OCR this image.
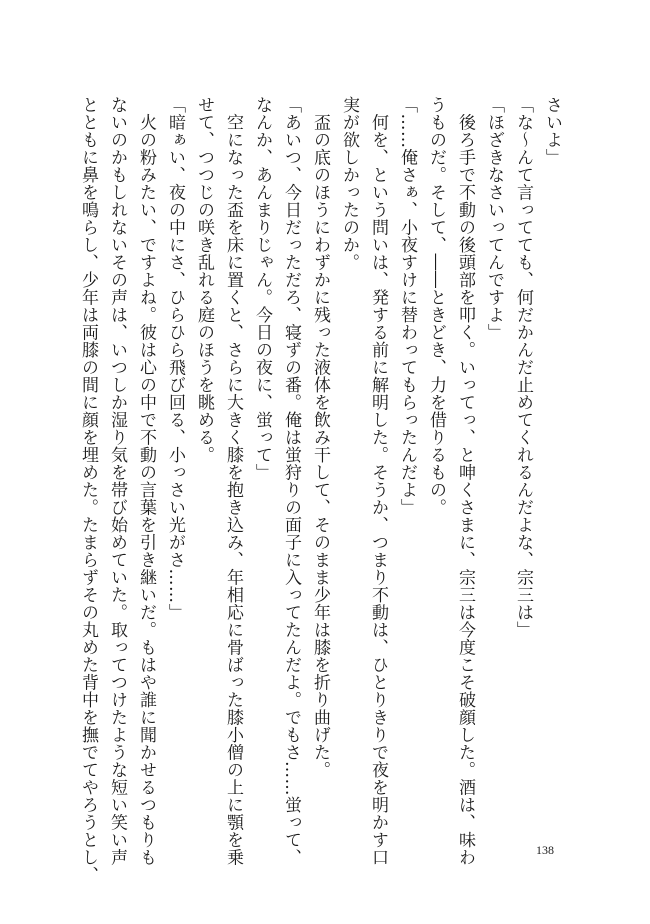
さいよ」
「な～んて言ってても、何だかんだ止めてくれるんだよな、宗三は」
「ほざきなさいってんですよ」
　後ろ手で不動の後頭部を叩く。いってっ、と呻くさまに、宗三は今度こそ破顔した。酒は、味わ
うものだ。そして、――ときどき、力を借りるもの。
「……俺さぁ、小夜すけに替わってもらったんだよ」
　何を、という問いは、発する前に解明した。そうか、つまり不動は、ひとりきりで夜を明かす口
実が欲しかったのか。
　盃の底のほうにわずかに残った液体を飲み干して、そのまま少年は膝を折り曲げた。
「あいつ、今日だっただろ、寝ずの番。俺は蛍狩りの面子に入ってたんだよ。でもさ……蛍って、
なんか、あんまりじゃん。今日の夜に、蛍って」
　空になった盃を床に置くと、さらに大きく膝を抱き込み、年相応に骨ばった膝小僧の上に顎を乗
せて、つつじの咲き乱れる庭のほうを眺める。
「暗ぁい、夜の中にさ、ひらひら飛び回る、小っさい光がさ……」
　火の粉みたい、ですよね。彼は心の中で不動の言葉を引き継いだ。もはや誰に聞かせるつもりも
ないのかもしれないその声は、いつしか湿り気を帯び始めていた。取ってつけたような短い笑い声
とともに鼻を鳴らし、少年は両膝の間に顔を埋めた。たまらずその丸めた背中を撫でてやろうとし、	138
